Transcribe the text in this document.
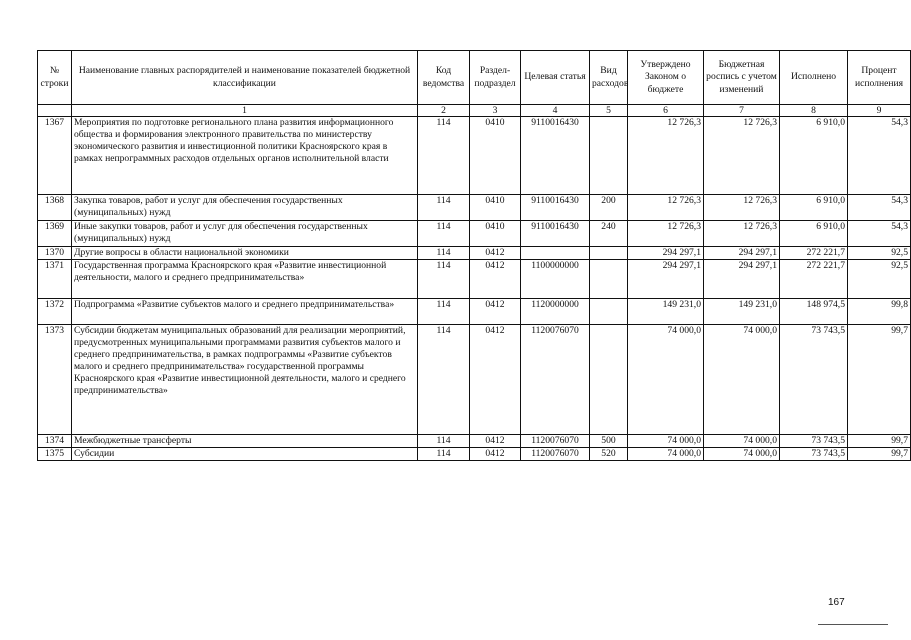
№ строки	Наименование главных распорядителей и наименование показателей бюджетной классификации	Код ведомства	Раздел-подраздел	Целевая статья	Вид расходов	Утверждено Законом о бюджете	Бюджетная роспись с учетом изменений	Исполнено	Процент исполнения
	1	2	3	4	5	6	7	8	9
1367	Мероприятия по подготовке регионального плана развития информационного общества и формирования электронного правительства по министерству экономического развития и инвестиционной политики Красноярского края в рамках непрограммных расходов отдельных органов исполнительной власти	114	0410	9110016430		12 726,3	12 726,3	6 910,0	54,3
1368	Закупка товаров, работ и услуг для обеспечения государственных (муниципальных) нужд	114	0410	9110016430	200	12 726,3	12 726,3	6 910,0	54,3
1369	Иные закупки товаров, работ и услуг для обеспечения государственных (муниципальных) нужд	114	0410	9110016430	240	12 726,3	12 726,3	6 910,0	54,3
1370	Другие вопросы в области национальной экономики	114	0412			294 297,1	294 297,1	272 221,7	92,5
1371	Государственная программа Красноярского края «Развитие инвестиционной деятельности, малого и среднего предпринимательства»	114	0412	1100000000		294 297,1	294 297,1	272 221,7	92,5
1372	Подпрограмма «Развитие субъектов малого и среднего предпринимательства»	114	0412	1120000000		149 231,0	149 231,0	148 974,5	99,8
1373	Субсидии бюджетам муниципальных образований для реализации мероприятий, предусмотренных муниципальными программами развития субъектов малого и среднего предпринимательства, в рамках подпрограммы «Развитие субъектов малого и среднего предпринимательства» государственной программы Красноярского края «Развитие инвестиционной деятельности, малого и среднего предпринимательства»	114	0412	1120076070		74 000,0	74 000,0	73 743,5	99,7
1374	Межбюджетные трансферты	114	0412	1120076070	500	74 000,0	74 000,0	73 743,5	99,7
1375	Субсидии	114	0412	1120076070	520	74 000,0	74 000,0	73 743,5	99,7
167
